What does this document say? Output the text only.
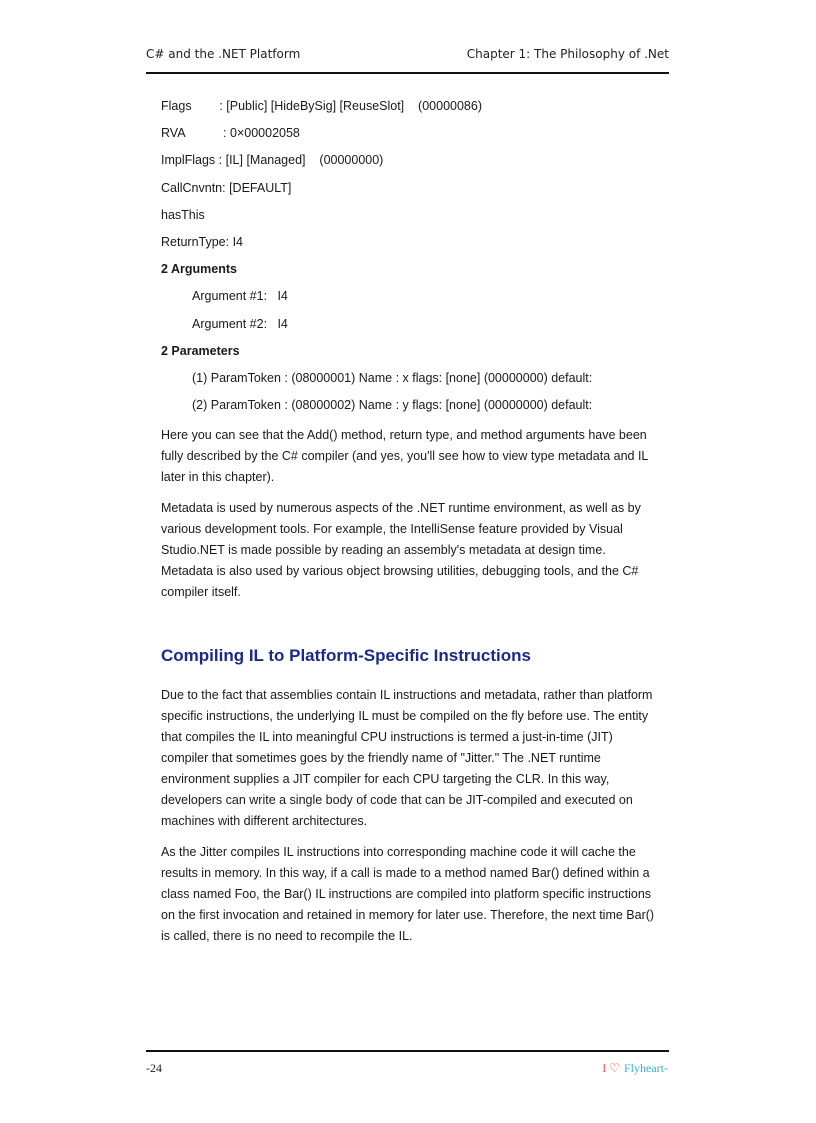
C# and the .NET Platform	Chapter 1: The Philosophy of .Net
Flags        : [Public] [HideBySig] [ReuseSlot]    (00000086)
RVA           : 0×00002058
ImplFlags : [IL] [Managed]    (00000000)
CallCnvntn: [DEFAULT]
hasThis
ReturnType: I4
2 Arguments
Argument #1:   I4
Argument #2:   I4
2 Parameters
(1) ParamToken : (08000001) Name : x flags: [none] (00000000) default:
(2) ParamToken : (08000002) Name : y flags: [none] (00000000) default:

Here you can see that the Add() method, return type, and method arguments have been fully described by the C# compiler (and yes, you'll see how to view type metadata and IL later in this chapter).

Metadata is used by numerous aspects of the .NET runtime environment, as well as by various development tools. For example, the IntelliSense feature provided by Visual Studio.NET is made possible by reading an assembly's metadata at design time. Metadata is also used by various object browsing utilities, debugging tools, and the C# compiler itself.

Compiling IL to Platform-Specific Instructions

Due to the fact that assemblies contain IL instructions and metadata, rather than platform specific instructions, the underlying IL must be compiled on the fly before use. The entity that compiles the IL into meaningful CPU instructions is termed a just-in-time (JIT) compiler that sometimes goes by the friendly name of "Jitter." The .NET runtime environment supplies a JIT compiler for each CPU targeting the CLR. In this way, developers can write a single body of code that can be JIT-compiled and executed on machines with different architectures.

As the Jitter compiles IL instructions into corresponding machine code it will cache the results in memory. In this way, if a call is made to a method named Bar() defined within a class named Foo, the Bar() IL instructions are compiled into platform specific instructions on the first invocation and retained in memory for later use. Therefore, the next time Bar() is called, there is no need to recompile the IL.

-24	I ♡ Flyheart-
